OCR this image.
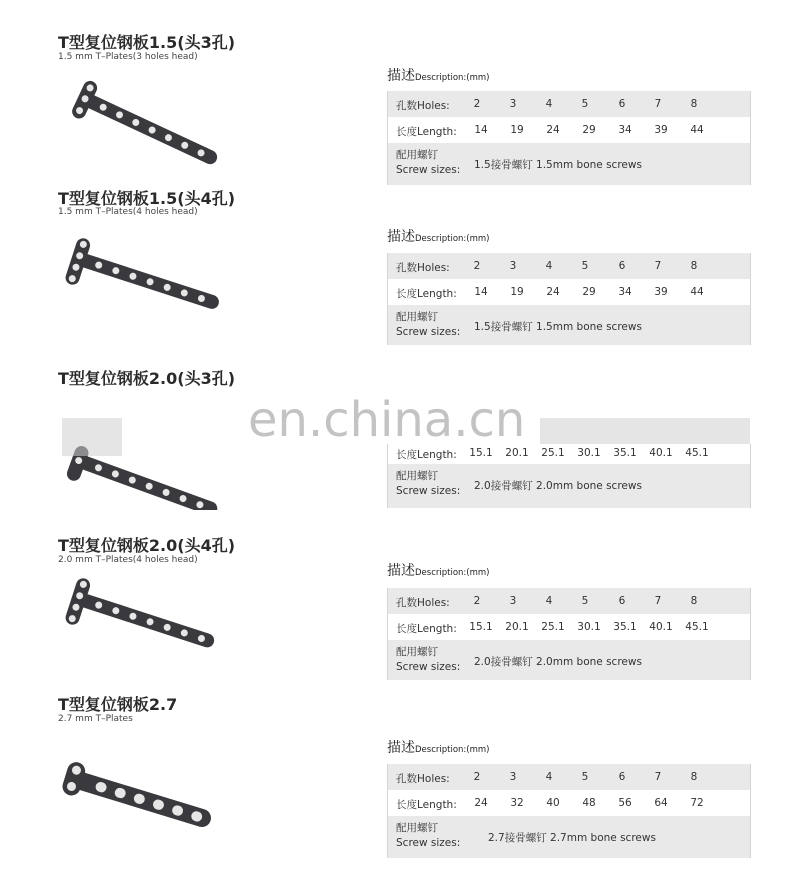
T型复位钢板1.5(头3孔)
1.5 mm T–Plates(3 holes head)
描述Description:(mm)
孔数Holes: 2	3	4	5	6	7	8
长度Length: 14 19 24 29 34 39 44
配用螺钉
Screw sizes: 1.5接骨螺钉 1.5mm bone screws
T型复位钢板1.5(头4孔)
1.5 mm T–Plates(4 holes head)
描述Description:(mm)
孔数Holes: 2	3	4	5	6	7	8
长度Length: 14 19 24 29 34 39 44
配用螺钉
Screw sizes: 1.5接骨螺钉 1.5mm bone screws
T型复位钢板2.0(头3孔)
长度Length: 15.1 20.1 25.1 30.1 35.1 40.1 45.1
配用螺钉
Screw sizes: 2.0接骨螺钉 2.0mm bone screws
en.china.cn
T型复位钢板2.0(头4孔)
2.0 mm T–Plates(4 holes head)
描述Description:(mm)
孔数Holes: 2	3	4	5	6	7	8
长度Length: 15.1 20.1 25.1 30.1 35.1 40.1 45.1
配用螺钉
Screw sizes: 2.0接骨螺钉 2.0mm bone screws
T型复位钢板2.7
2.7 mm T–Plates
描述Description:(mm)
孔数Holes: 2	3	4	5	6	7	8
长度Length: 24 32 40 48 56 64 72
配用螺钉
Screw sizes:	2.7接骨螺钉 2.7mm bone screws
